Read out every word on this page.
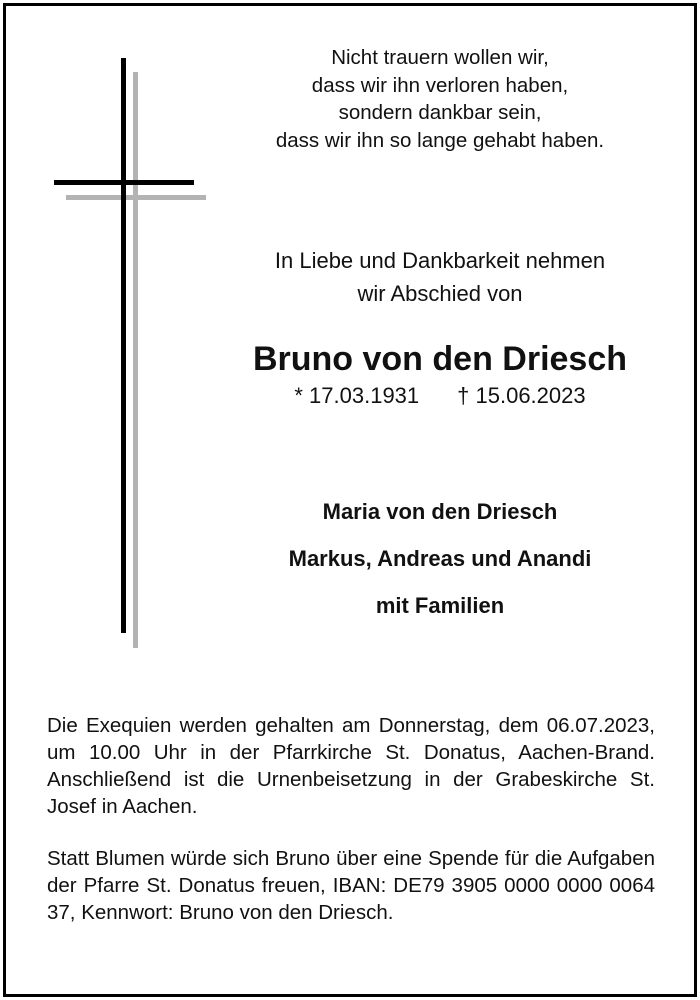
Nicht trauern wollen wir,
dass wir ihn verloren haben,
sondern dankbar sein,
dass wir ihn so lange gehabt haben.
In Liebe und Dankbarkeit nehmen
wir Abschied von
Bruno von den Driesch
* 17.03.1931 † 15.06.2023
Maria von den Driesch
Markus, Andreas und Anandi
mit Familien
Die Exequien werden gehalten am Donnerstag, dem 06.07.2023, um 10.00 Uhr in der Pfarrkirche St. Donatus, Aachen-Brand. Anschließend ist die Urnenbeisetzung in der Grabeskirche St. Josef in Aachen.
Statt Blumen würde sich Bruno über eine Spende für die Aufgaben der Pfarre St. Donatus freuen, IBAN: DE79 3905 0000 0000 0064 37, Kennwort: Bruno von den Driesch.
